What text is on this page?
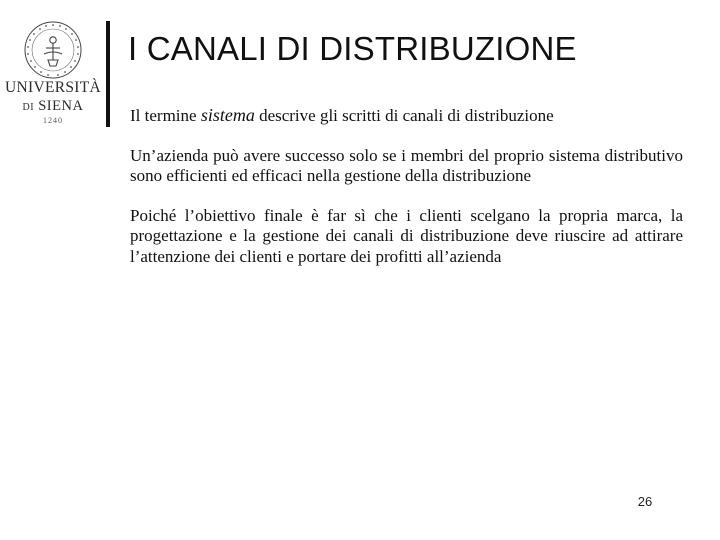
UNIVERSITÀ
DI SIENA
1240
I CANALI DI DISTRIBUZIONE

Il termine sistema descrive gli scritti di canali di distribuzione

Un’azienda può avere successo solo se i membri del proprio sistema distributivo sono efficienti ed efficaci nella gestione della distribuzione

Poiché l’obiettivo finale è far sì che i clienti scelgano la propria marca, la progettazione e la gestione dei canali di distribuzione deve riuscire ad attirare l’attenzione dei clienti e portare dei profitti all’azienda

26
